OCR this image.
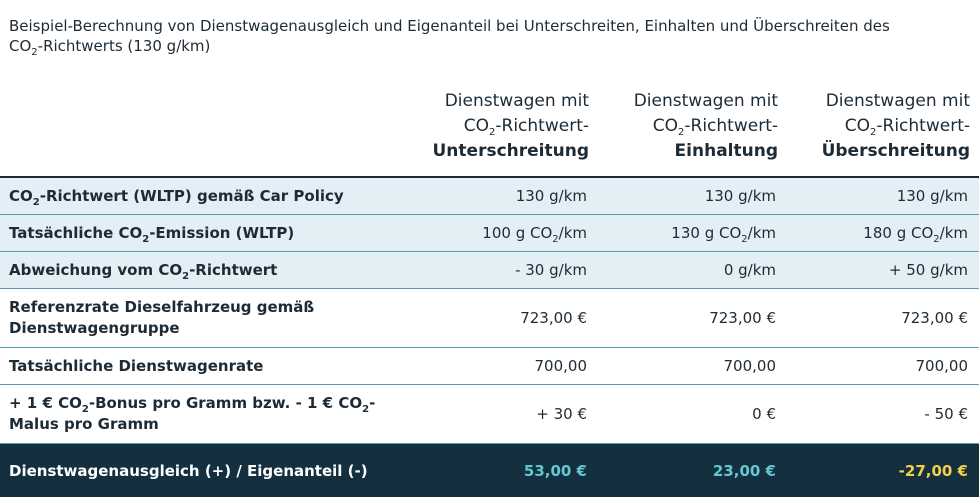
Beispiel-Berechnung von Dienstwagenausgleich und Eigenanteil bei Unterschreiten, Einhalten und Überschreiten des
$CO_2$-Richtwerts (130 g/km)
	Dienstwagen mit
$CO_2-Richtwert-$
Unterschreitung	Dienstwagen mit
$CO_2-Richtwert-$
Einhaltung	Dienstwagen mit
$CO_2-Richtwert-$
Überschreitung

$CO_2$-Richtwert (WLTP) gemäß Car Policy	130 g/km	130 g/km	130 g/km
Tatsächliche $CO_2$-Emission (WLTP)	100 g $CO_2/km$	130 g $CO_2/km$	180 g $CO_2/km$
Abweichung vom $CO_2$-Richtwert	- 30 g/km	0 g/km	+ 50 g/km
Referenzrate Dieselfahrzeug gemäß
Dienstwagengruppe	723,00 €	723,00 €	723,00 €
Tatsächliche Dienstwagenrate	700,00	700,00	700,00
+ 1 € $CO_2$-Bonus pro Gramm bzw. - 1 € $CO_2-$
Malus pro Gramm	+ 30 €	0 €	- 50 €
Dienstwagenausgleich (+) / Eigenanteil (-)	53,00 €	23,00 €	-27,00 €
